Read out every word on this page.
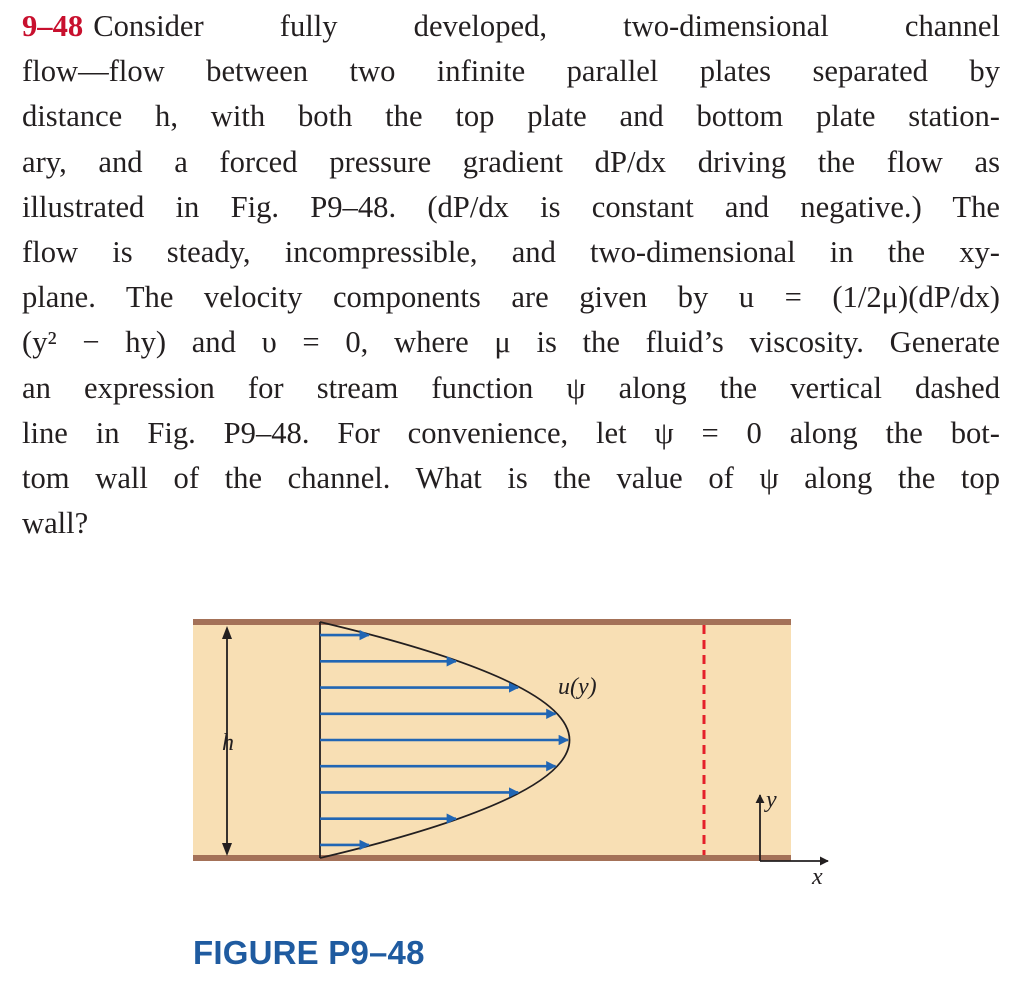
9–48 Consider fully developed, two-dimensional channel
flow—flow between two infinite parallel plates separated by
distance h, with both the top plate and bottom plate station-
ary, and a forced pressure gradient dP/dx driving the flow as
illustrated in Fig. P9–48. (dP/dx is constant and negative.) The
flow is steady, incompressible, and two-dimensional in the xy-
plane. The velocity components are given by u = (1/2μ)(dP/dx)
(y² − hy) and υ = 0, where μ is the fluid’s viscosity. Generate
an expression for stream function ψ along the vertical dashed
line in Fig. P9–48. For convenience, let ψ = 0 along the bot-
tom wall of the channel. What is the value of ψ along the top
wall?
h
u(y)
y
x
FIGURE P9–48
